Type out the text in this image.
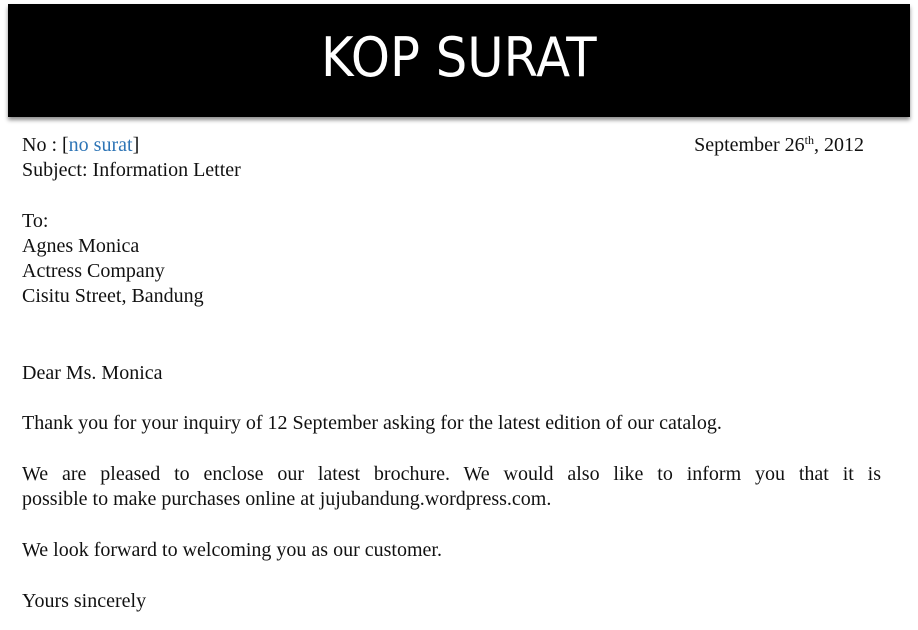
KOP SURAT
No : [no surat]	September 26th, 2012
Subject: Information Letter
To:
Agnes Monica
Actress Company
Cisitu Street, Bandung
Dear Ms. Monica
Thank you for your inquiry of 12 September asking for the latest edition of our catalog.
We are pleased to enclose our latest brochure. We would also like to inform you that it is
possible to make purchases online at jujubandung.wordpress.com.
We look forward to welcoming you as our customer.
Yours sincerely
